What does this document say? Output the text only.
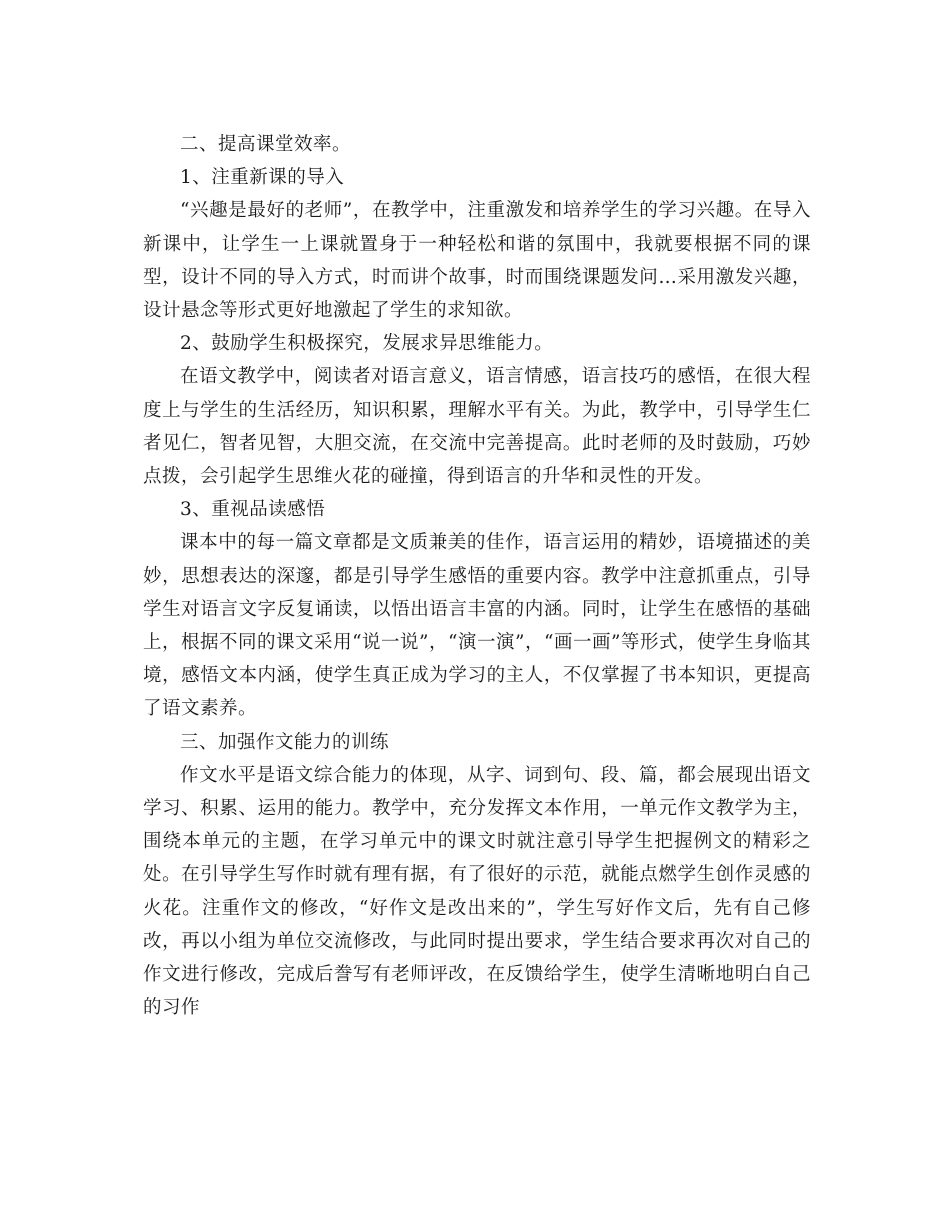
二、提高课堂效率。

1、注重新课的导入

“兴趣是最好的老师”，在教学中，注重激发和培养学生的学习兴趣。在导入新课中，让学生一上课就置身于一种轻松和谐的氛围中，我就要根据不同的课型，设计不同的导入方式，时而讲个故事，时而围绕课题发问…采用激发兴趣，设计悬念等形式更好地激起了学生的求知欲。

2、鼓励学生积极探究，发展求异思维能力。

在语文教学中，阅读者对语言意义，语言情感，语言技巧的感悟，在很大程度上与学生的生活经历，知识积累，理解水平有关。为此，教学中，引导学生仁者见仁，智者见智，大胆交流，在交流中完善提高。此时老师的及时鼓励，巧妙点拨，会引起学生思维火花的碰撞，得到语言的升华和灵性的开发。

3、重视品读感悟

课本中的每一篇文章都是文质兼美的佳作，语言运用的精妙，语境描述的美妙，思想表达的深邃，都是引导学生感悟的重要内容。教学中注意抓重点，引导学生对语言文字反复诵读，以悟出语言丰富的内涵。同时，让学生在感悟的基础上，根据不同的课文采用“说一说”，“演一演”，“画一画”等形式，使学生身临其境，感悟文本内涵，使学生真正成为学习的主人，不仅掌握了书本知识，更提高了语文素养。

三、加强作文能力的训练

作文水平是语文综合能力的体现，从字、词到句、段、篇，都会展现出语文学习、积累、运用的能力。教学中，充分发挥文本作用，一单元作文教学为主，围绕本单元的主题，在学习单元中的课文时就注意引导学生把握例文的精彩之处。在引导学生写作时就有理有据，有了很好的示范，就能点燃学生创作灵感的火花。注重作文的修改，“好作文是改出来的”，学生写好作文后，先有自己修改，再以小组为单位交流修改，与此同时提出要求，学生结合要求再次对自己的作文进行修改，完成后誊写有老师评改，在反馈给学生，使学生清晰地明白自己的习作
